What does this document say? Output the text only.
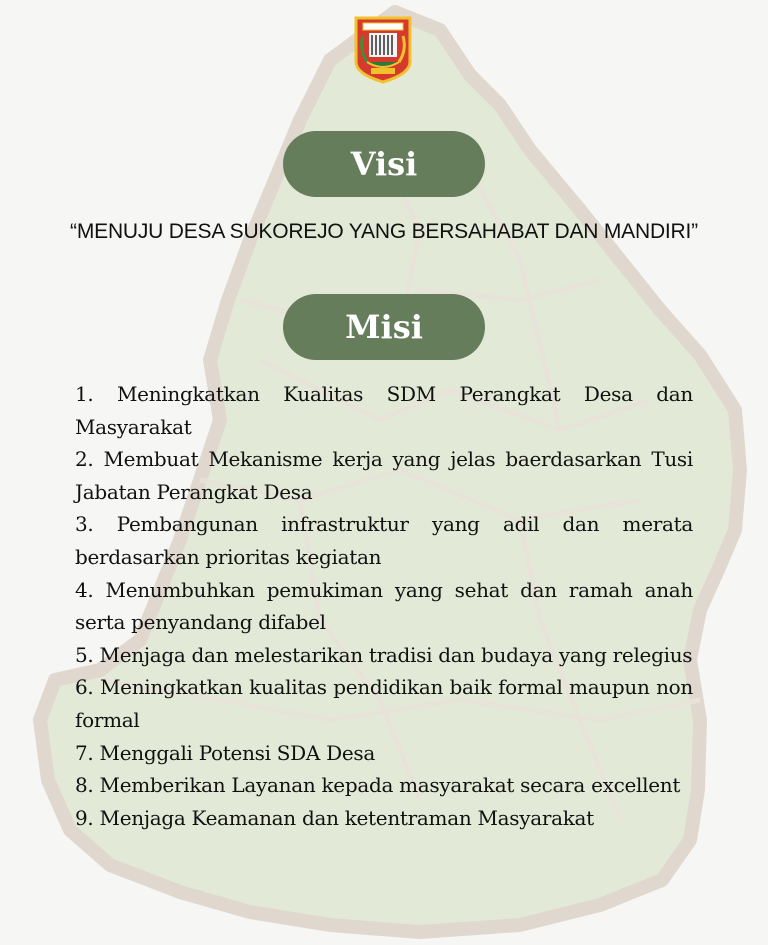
Visi
“MENUJU DESA SUKOREJO YANG BERSAHABAT DAN MANDIRI”
Misi
1. Meningkatkan Kualitas SDM Perangkat Desa dan Masyarakat
2. Membuat Mekanisme kerja yang jelas baerdasarkan Tusi Jabatan Perangkat Desa
3. Pembangunan infrastruktur yang adil dan merata berdasarkan prioritas kegiatan
4. Menumbuhkan pemukiman yang sehat dan ramah anah serta penyandang difabel
5. Menjaga dan melestarikan tradisi dan budaya yang relegius
6. Meningkatkan kualitas pendidikan baik formal maupun non formal
7. Menggali Potensi SDA Desa
8. Memberikan Layanan kepada masyarakat secara excellent
9. Menjaga Keamanan dan ketentraman Masyarakat
